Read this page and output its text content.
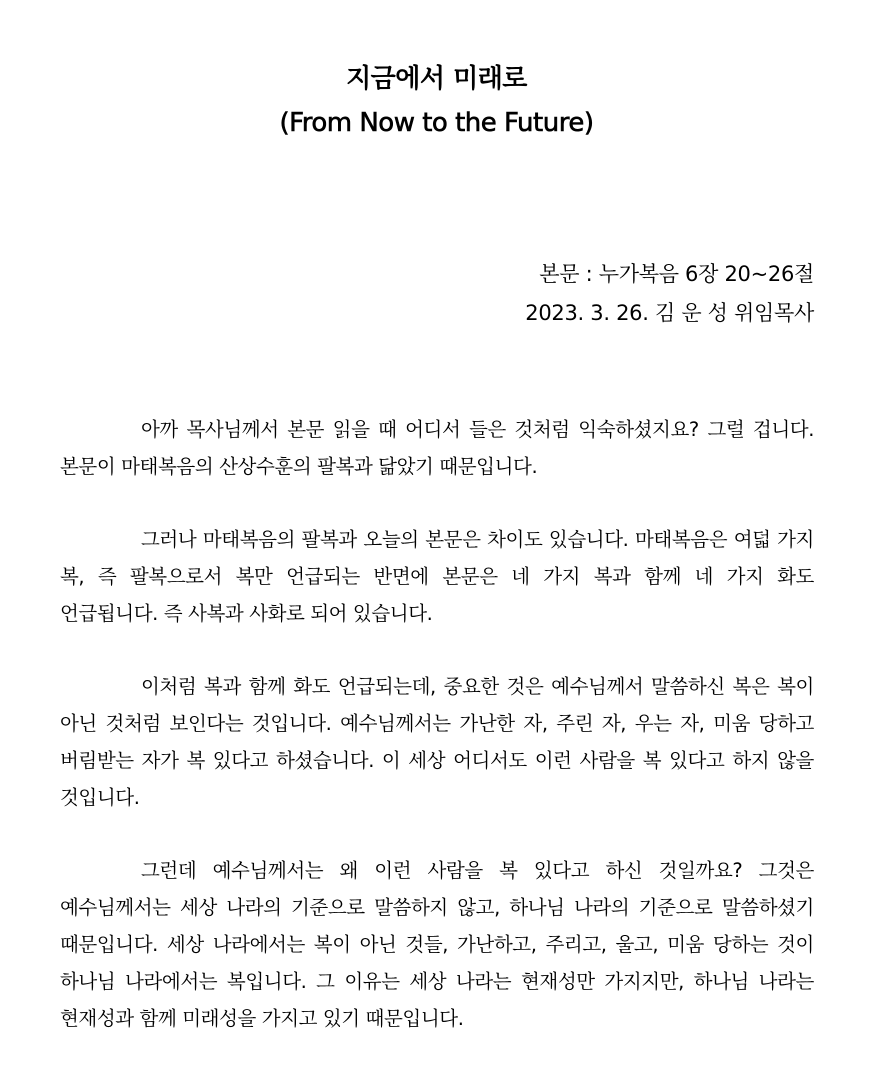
지금에서 미래로
(From Now to the Future)
본문 : 누가복음 6장 20~26절
2023. 3. 26. 김 운 성 위임목사

아까 목사님께서 본문 읽을 때 어디서 들은 것처럼 익숙하셨지요? 그럴 겁니다. 본문이 마태복음의 산상수훈의 팔복과 닮았기 때문입니다.

그러나 마태복음의 팔복과 오늘의 본문은 차이도 있습니다. 마태복음은 여덟 가지 복, 즉 팔복으로서 복만 언급되는 반면에 본문은 네 가지 복과 함께 네 가지 화도 언급됩니다. 즉 사복과 사화로 되어 있습니다.

이처럼 복과 함께 화도 언급되는데, 중요한 것은 예수님께서 말씀하신 복은 복이 아닌 것처럼 보인다는 것입니다. 예수님께서는 가난한 자, 주린 자, 우는 자, 미움 당하고 버림받는 자가 복 있다고 하셨습니다. 이 세상 어디서도 이런 사람을 복 있다고 하지 않을 것입니다.

그런데 예수님께서는 왜 이런 사람을 복 있다고 하신 것일까요? 그것은 예수님께서는 세상 나라의 기준으로 말씀하지 않고, 하나님 나라의 기준으로 말씀하셨기 때문입니다. 세상 나라에서는 복이 아닌 것들, 가난하고, 주리고, 울고, 미움 당하는 것이 하나님 나라에서는 복입니다. 그 이유는 세상 나라는 현재성만 가지지만, 하나님 나라는 현재성과 함께 미래성을 가지고 있기 때문입니다.
